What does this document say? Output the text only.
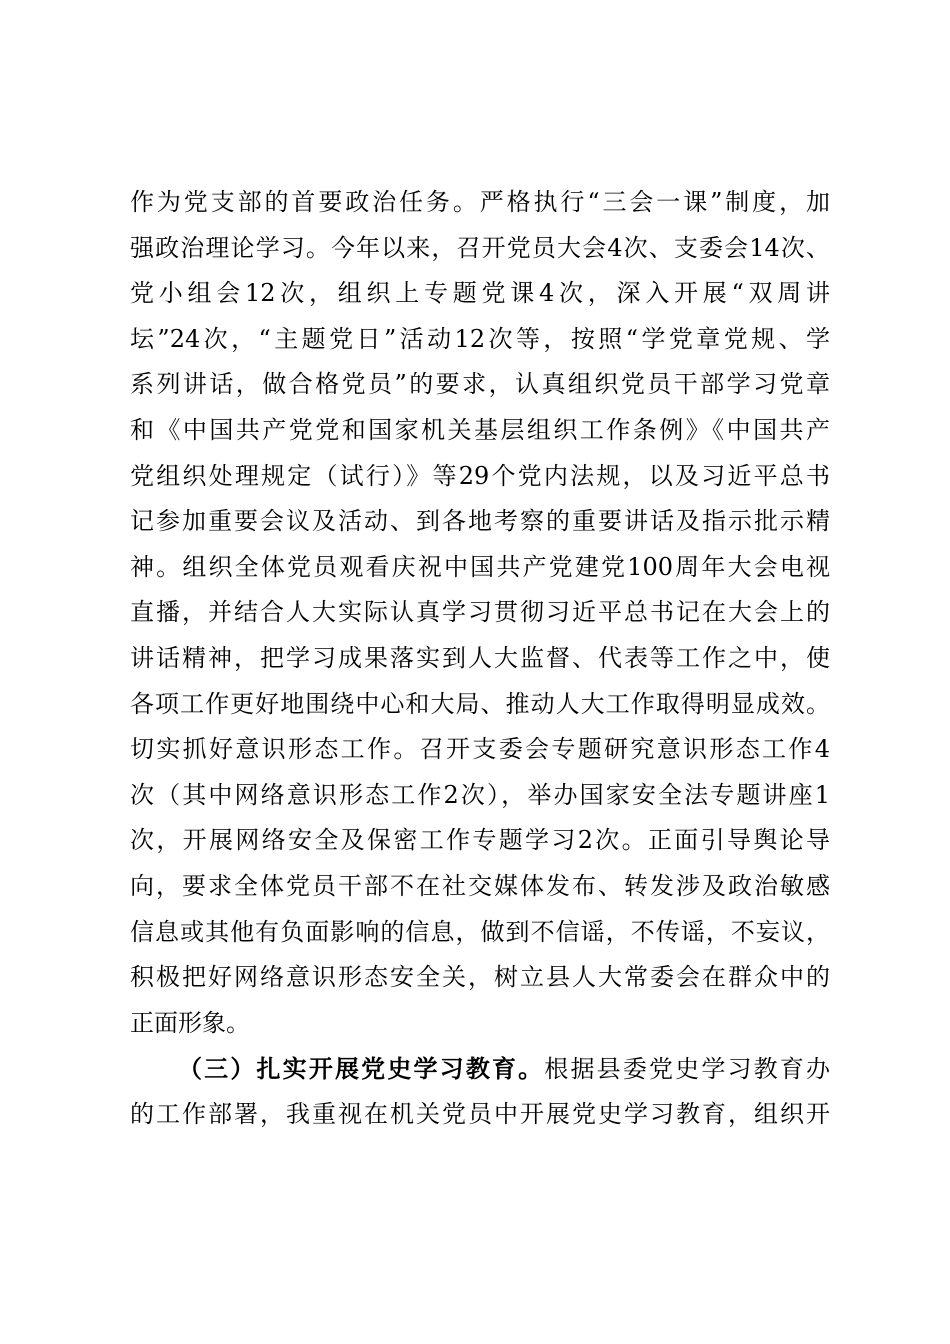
作为党支部的首要政治任务。严格执行“三会一课”制度，加
强政治理论学习。今年以来，召开党员大会4次、支委会14次、
党小组会12次，组织上专题党课4次，深入开展“双周讲
坛”24次，“主题党日”活动12次等，按照“学党章党规、学
系列讲话，做合格党员”的要求，认真组织党员干部学习党章
和《中国共产党党和国家机关基层组织工作条例》《中国共产
党组织处理规定（试行）》等29个党内法规，以及习近平总书
记参加重要会议及活动、到各地考察的重要讲话及指示批示精
神。组织全体党员观看庆祝中国共产党建党100周年大会电视
直播，并结合人大实际认真学习贯彻习近平总书记在大会上的
讲话精神，把学习成果落实到人大监督、代表等工作之中，使
各项工作更好地围绕中心和大局、推动人大工作取得明显成效。
切实抓好意识形态工作。召开支委会专题研究意识形态工作4
次（其中网络意识形态工作2次），举办国家安全法专题讲座1
次，开展网络安全及保密工作专题学习2次。正面引导舆论导
向，要求全体党员干部不在社交媒体发布、转发涉及政治敏感
信息或其他有负面影响的信息，做到不信谣，不传谣，不妄议，
积极把好网络意识形态安全关，树立县人大常委会在群众中的
正面形象。
（三）扎实开展党史学习教育。根据县委党史学习教育办
的工作部署，我重视在机关党员中开展党史学习教育，组织开
